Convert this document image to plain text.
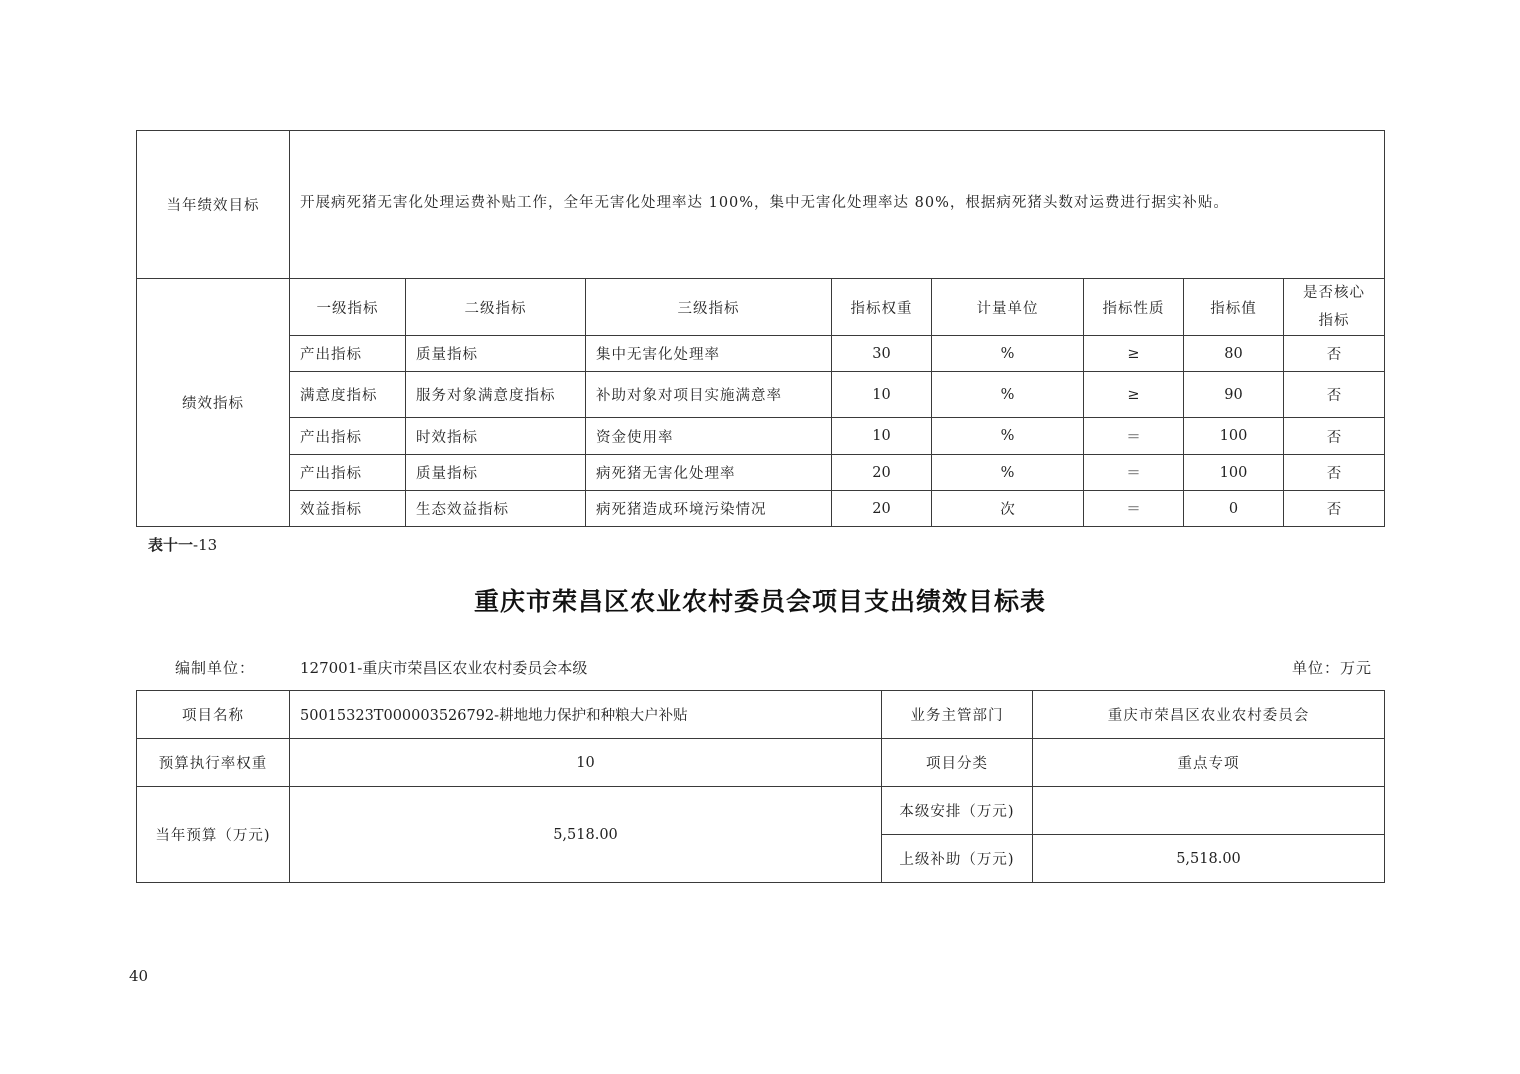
当年绩效目标	开展病死猪无害化处理运费补贴工作，全年无害化处理率达 100%，集中无害化处理率达 80%，根据病死猪头数对运费进行据实补贴。							
绩效指标	一级指标	二级指标	三级指标	指标权重	计量单位	指标性质	指标值	是否核心
指标

	产出指标	质量指标	集中无害化处理率	30	%	≥	80	否
	满意度指标	服务对象满意度指标	补助对象对项目实施满意率	10	%	≥	90	否
	产出指标	时效指标	资金使用率	10	%	＝	100	否
	产出指标	质量指标	病死猪无害化处理率	20	%	＝	100	否
	效益指标	生态效益指标	病死猪造成环境污染情况	20	次	＝	0	否
表十一-13
重庆市荣昌区农业农村委员会项目支出绩效目标表
编制单位：	127001-重庆市荣昌区农业农村委员会本级	单位：万元
项目名称	50015323T000003526792-耕地地力保护和种粮大户补贴	业务主管部门	重庆市荣昌区农业农村委员会
预算执行率权重	10	项目分类	重点专项
当年预算（万元)	5,518.00	本级安排（万元)	
		上级补助（万元)	5,518.00
40
